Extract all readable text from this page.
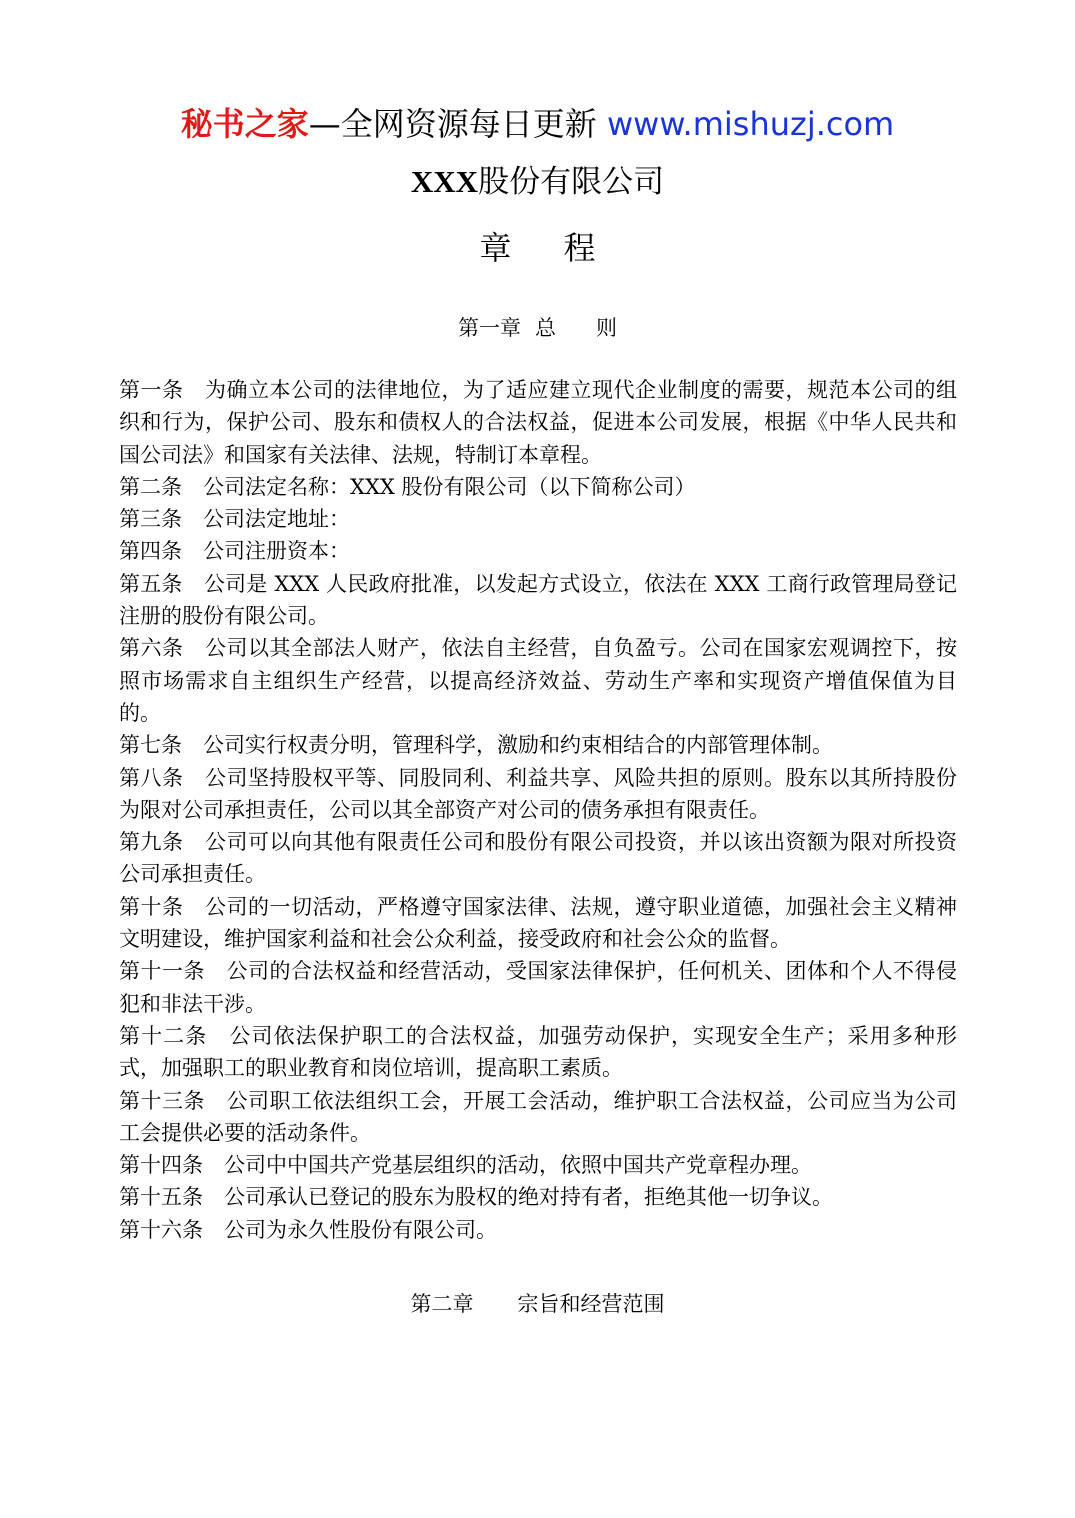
秘书之家—全网资源每日更新 www.mishuzj.com
XXX股份有限公司
章 程
第一章 总 则

第一条 为确立本公司的法律地位，为了适应建立现代企业制度的需要，规范本公司的组织和行为，保护公司、股东和债权人的合法权益，促进本公司发展，根据《中华人民共和国公司法》和国家有关法律、法规，特制订本章程。

第二条 公司法定名称：XXX 股份有限公司（以下简称公司）

第三条 公司法定地址：

第四条 公司注册资本：

第五条 公司是 XXX 人民政府批准，以发起方式设立，依法在 XXX 工商行政管理局登记注册的股份有限公司。

第六条 公司以其全部法人财产，依法自主经营，自负盈亏。公司在国家宏观调控下，按照市场需求自主组织生产经营，以提高经济效益、劳动生产率和实现资产增值保值为目的。

第七条 公司实行权责分明，管理科学，激励和约束相结合的内部管理体制。

第八条 公司坚持股权平等、同股同利、利益共享、风险共担的原则。股东以其所持股份为限对公司承担责任，公司以其全部资产对公司的债务承担有限责任。

第九条 公司可以向其他有限责任公司和股份有限公司投资，并以该出资额为限对所投资公司承担责任。

第十条 公司的一切活动，严格遵守国家法律、法规，遵守职业道德，加强社会主义精神文明建设，维护国家利益和社会公众利益，接受政府和社会公众的监督。

第十一条 公司的合法权益和经营活动，受国家法律保护，任何机关、团体和个人不得侵犯和非法干涉。

第十二条 公司依法保护职工的合法权益，加强劳动保护，实现安全生产；采用多种形式，加强职工的职业教育和岗位培训，提高职工素质。

第十三条 公司职工依法组织工会，开展工会活动，维护职工合法权益，公司应当为公司工会提供必要的活动条件。

第十四条 公司中中国共产党基层组织的活动，依照中国共产党章程办理。

第十五条 公司承认已登记的股东为股权的绝对持有者，拒绝其他一切争议。

第十六条 公司为永久性股份有限公司。

第二章 宗旨和经营范围
